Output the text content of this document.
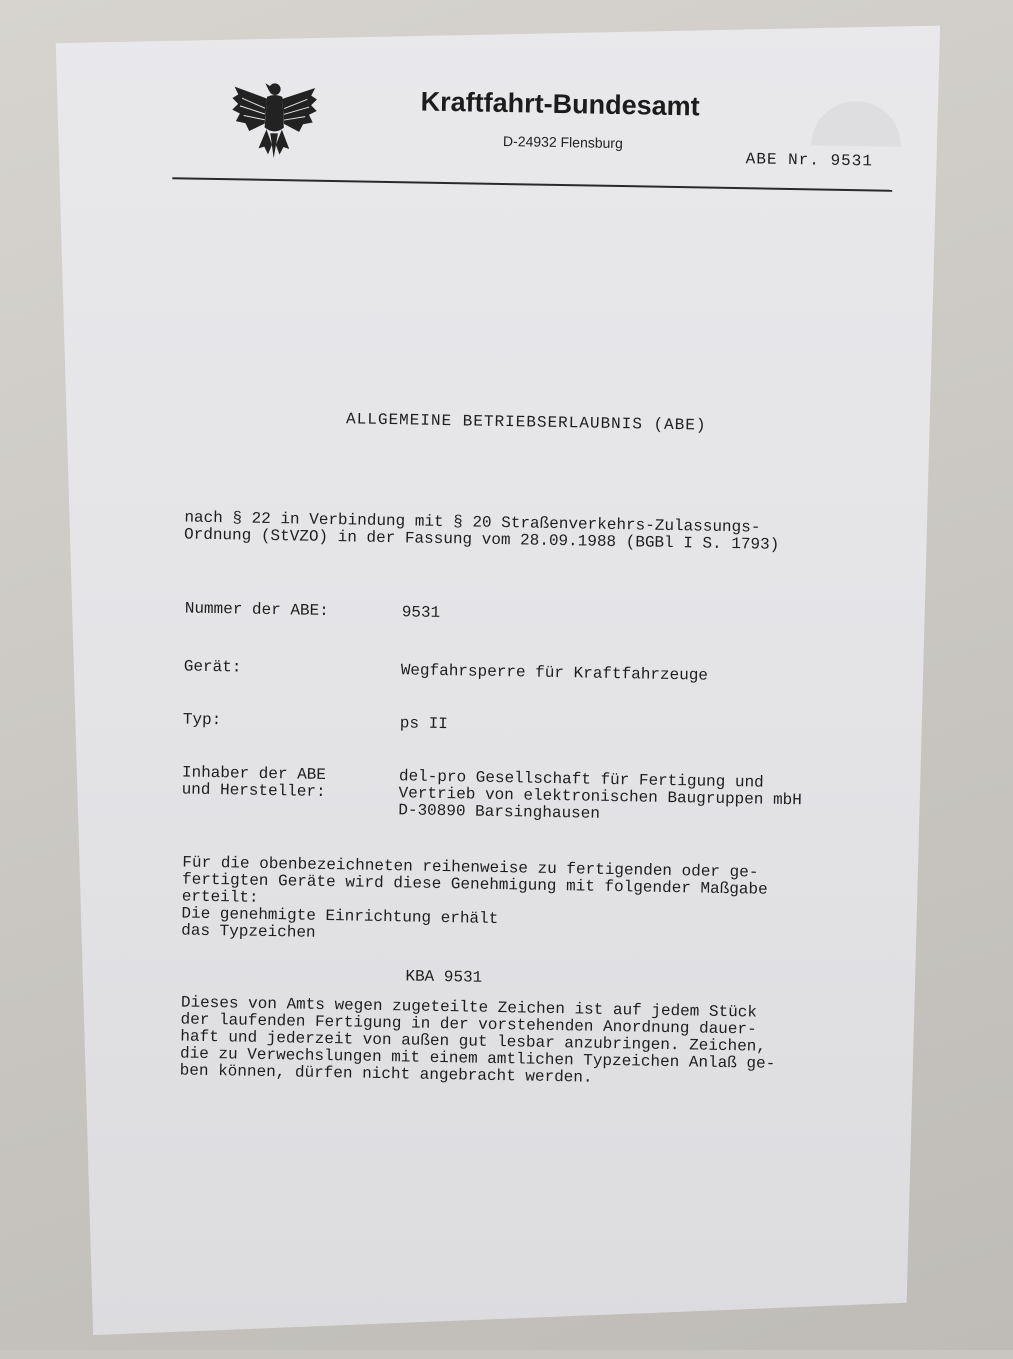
Kraftfahrt-Bundesamt
D-24932 Flensburg
ABE Nr. 9531
ALLGEMEINE BETRIEBSERLAUBNIS (ABE)
nach § 22 in Verbindung mit § 20 Straßenverkehrs-Zulassungs-
Ordnung (StVZO) in der Fassung vom 28.09.1988 (BGBl I S. 1793)
Nummer der ABE:	9531
Gerät:	Wegfahrsperre für Kraftfahrzeuge
Typ:	ps II
Inhaber der ABE
und Hersteller:	del-pro Gesellschaft für Fertigung und
Vertrieb von elektronischen Baugruppen mbH
D-30890 Barsinghausen
Für die obenbezeichneten reihenweise zu fertigenden oder ge-
fertigten Geräte wird diese Genehmigung mit folgender Maßgabe
erteilt:
Die genehmigte Einrichtung erhält
das Typzeichen
KBA 9531
Dieses von Amts wegen zugeteilte Zeichen ist auf jedem Stück
der laufenden Fertigung in der vorstehenden Anordnung dauer-
haft und jederzeit von außen gut lesbar anzubringen. Zeichen,
die zu Verwechslungen mit einem amtlichen Typzeichen Anlaß ge-
ben können, dürfen nicht angebracht werden.
